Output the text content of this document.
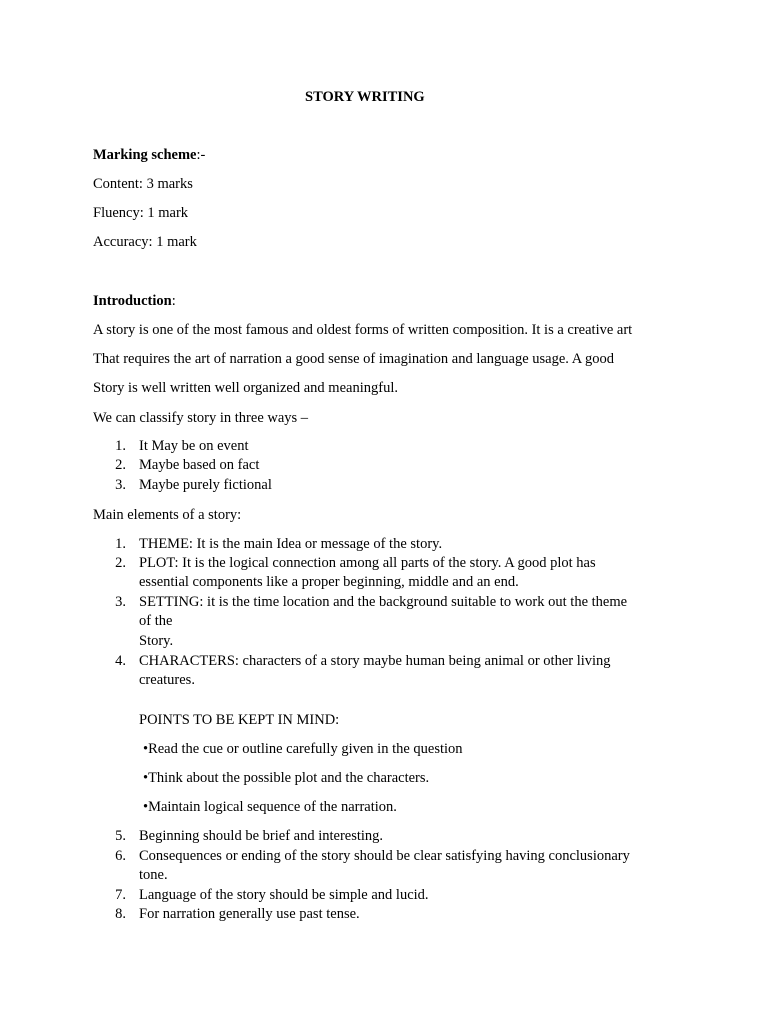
STORY WRITING
Marking scheme:-
Content: 3 marks
Fluency: 1 mark
Accuracy: 1 mark
Introduction:
A story is one of the most famous and oldest forms of written composition. It is a creative art
That requires the art of narration a good sense of imagination and language usage. A good
Story is well written well organized and meaningful.
We can classify story in three ways –
1. It May be on event
2. Maybe based on fact
3. Maybe purely fictional
Main elements of a story:
1. THEME: It is the main Idea or message of the story.
2. PLOT: It is the logical connection among all parts of the story. A good plot has
essential components like a proper beginning, middle and an end.
3. SETTING: it is the time location and the background suitable to work out the theme
of the
Story.
4. CHARACTERS: characters of a story maybe human being animal or other living
creatures.
POINTS TO BE KEPT IN MIND:
•Read the cue or outline carefully given in the question
•Think about the possible plot and the characters.
•Maintain logical sequence of the narration.
5. Beginning should be brief and interesting.
6. Consequences or ending of the story should be clear satisfying having conclusionary
tone.
7. Language of the story should be simple and lucid.
8. For narration generally use past tense.
